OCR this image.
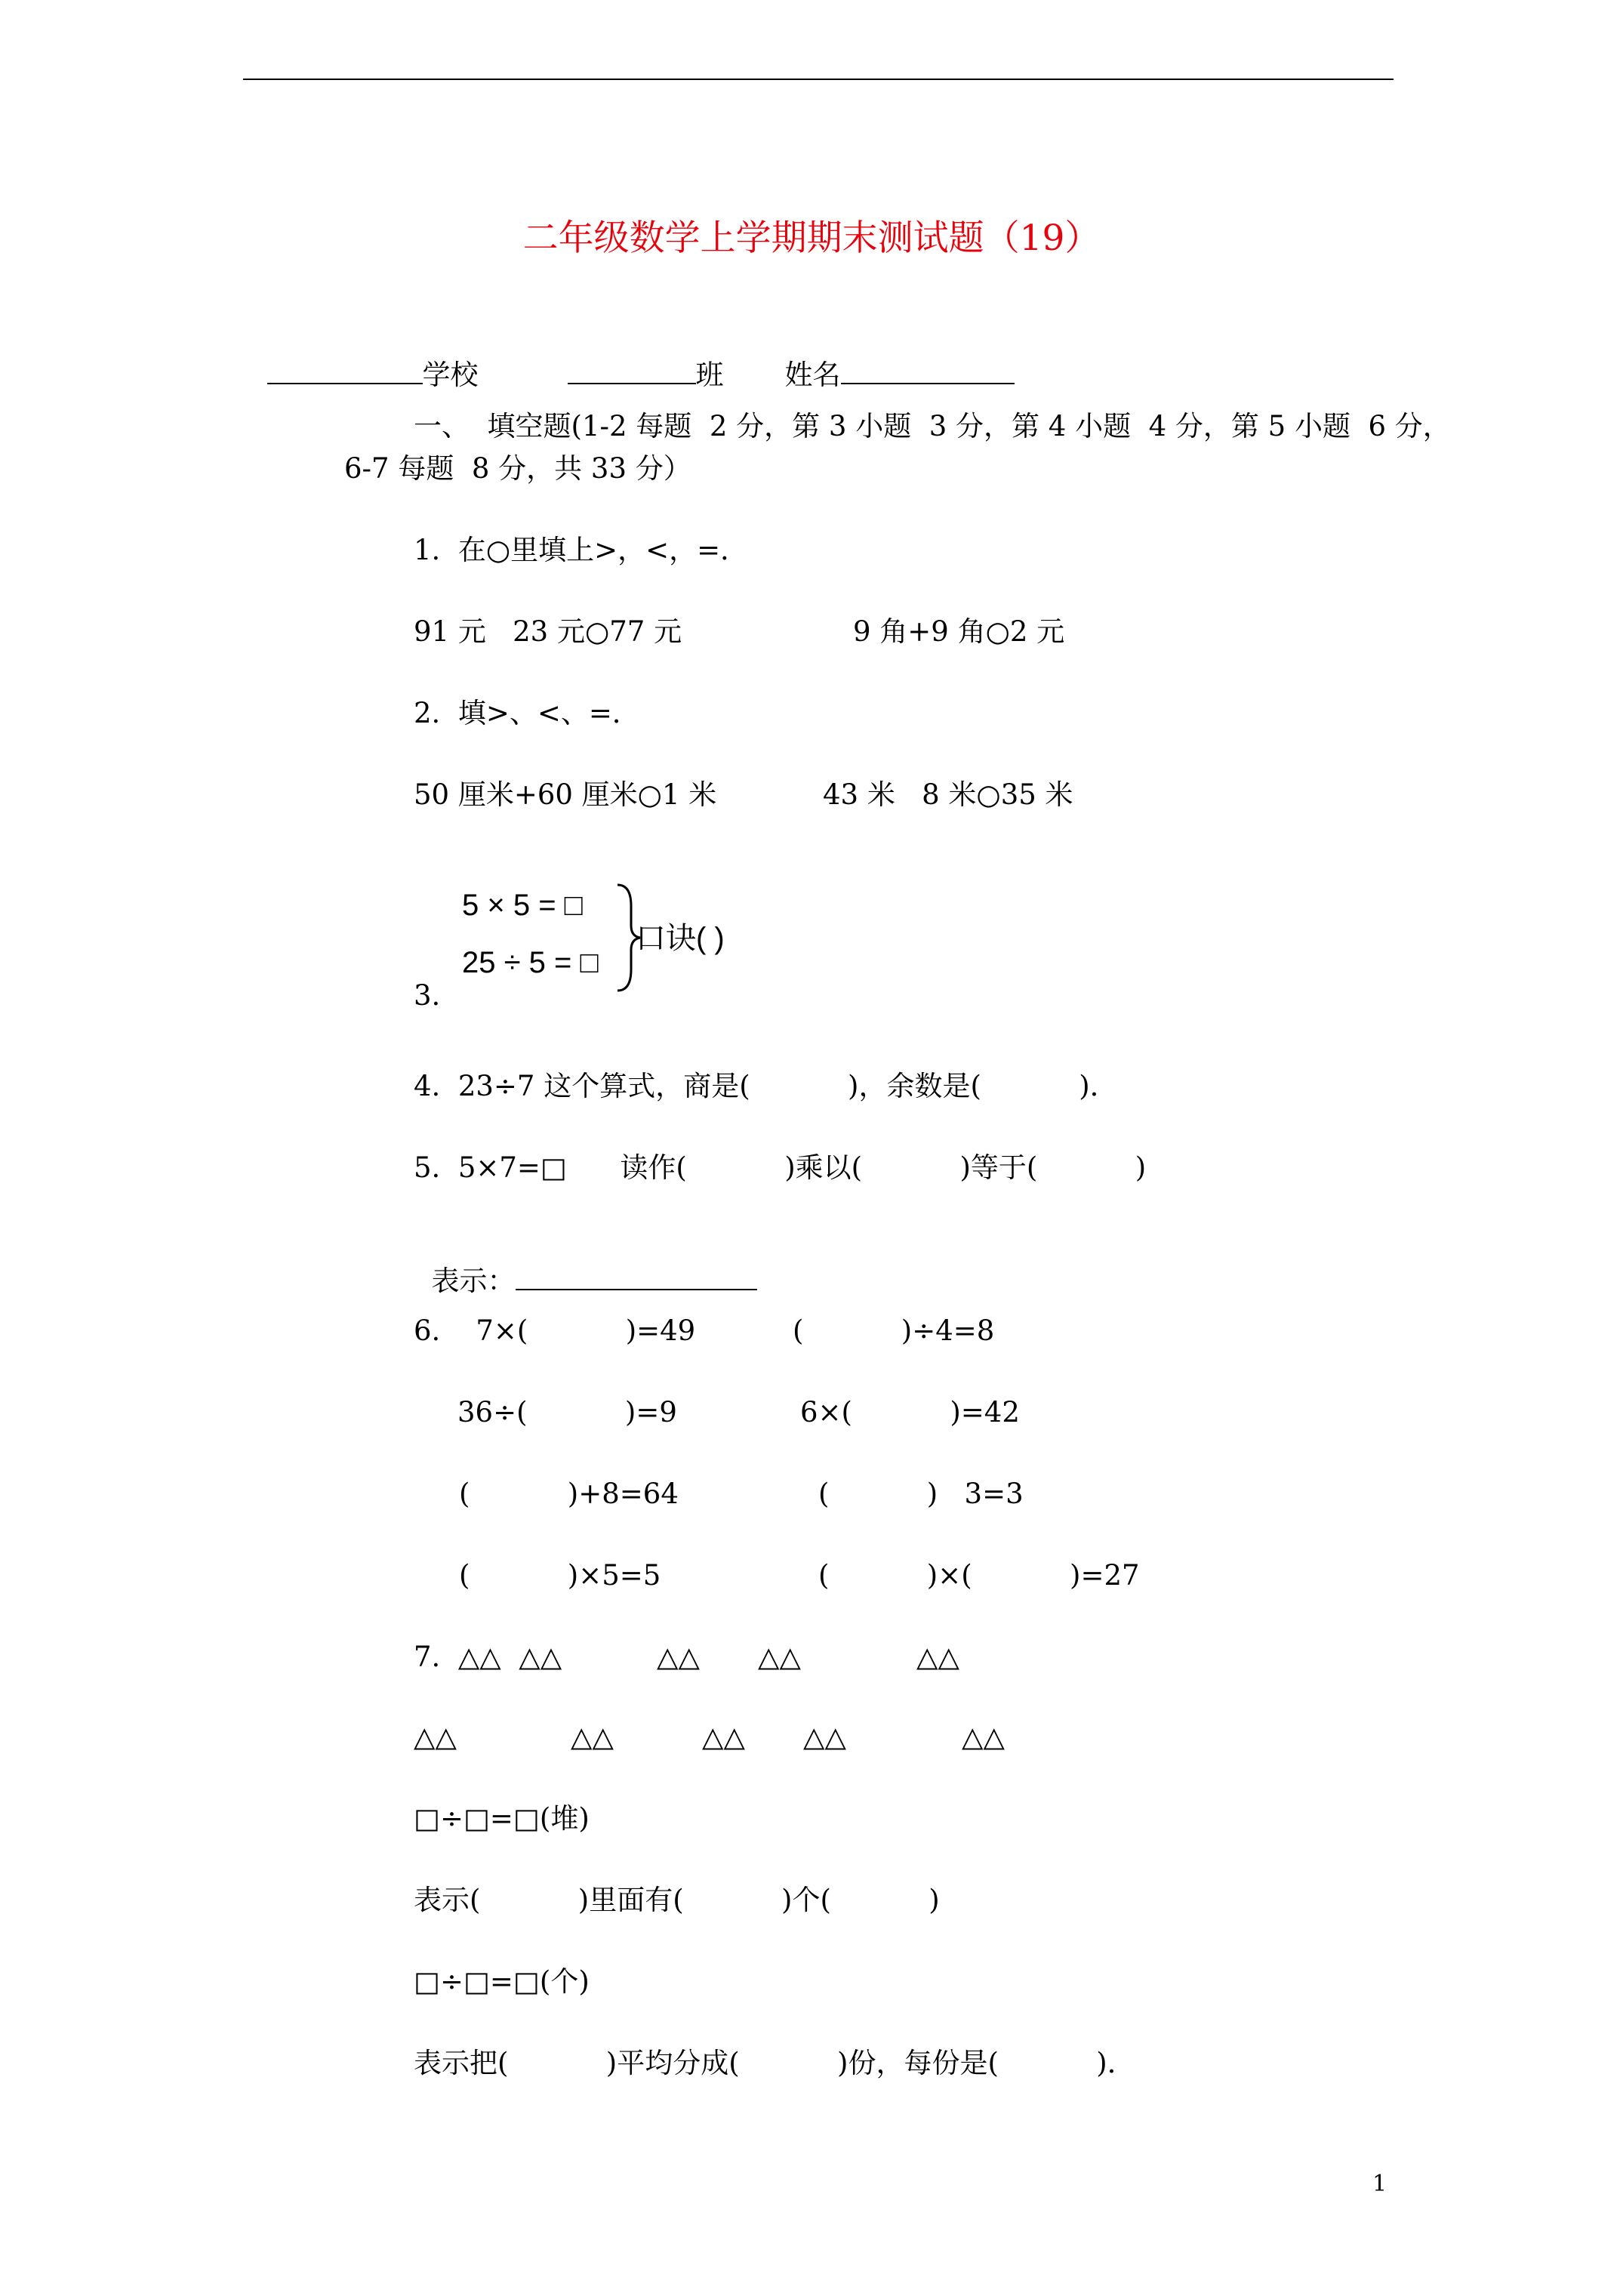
二年级数学上学期期末测试题（19）

学校	班	姓名

一、  填空题(1-2 每题  2 分，第 3 小题  3 分，第 4 小题  4 分，第 5 小题  6 分，
6-7 每题  8 分，共 33 分）
1.  在○里填上>，<，=．
91 元   23 元○77 元	9 角+9 角○2 元
2.  填>、<、=．
50 厘米+60 厘米○1 米	43 米   8 米○35 米
5 × 5 = □
25 ÷ 5 = □
口诀( )
3.
4.  23÷7 这个算式，商是(           )，余数是(           )．
5.  5×7=□      读作(           )乘以(           )等于(           )

表示：

6.    7×(           )=49	(           )÷4=8
36÷(           )=9	6×(           )=42
(           )+8=64	(           )   3=3
(           )×5=5	(           )×(           )=27
7.  △△  △△	△△ △△	△△
△△	△△	△△ △△	△△
□÷□=□(堆)
表示(           )里面有(           )个(           )
□÷□=□(个)
表示把(           )平均分成(           )份，每份是(           )．
1
